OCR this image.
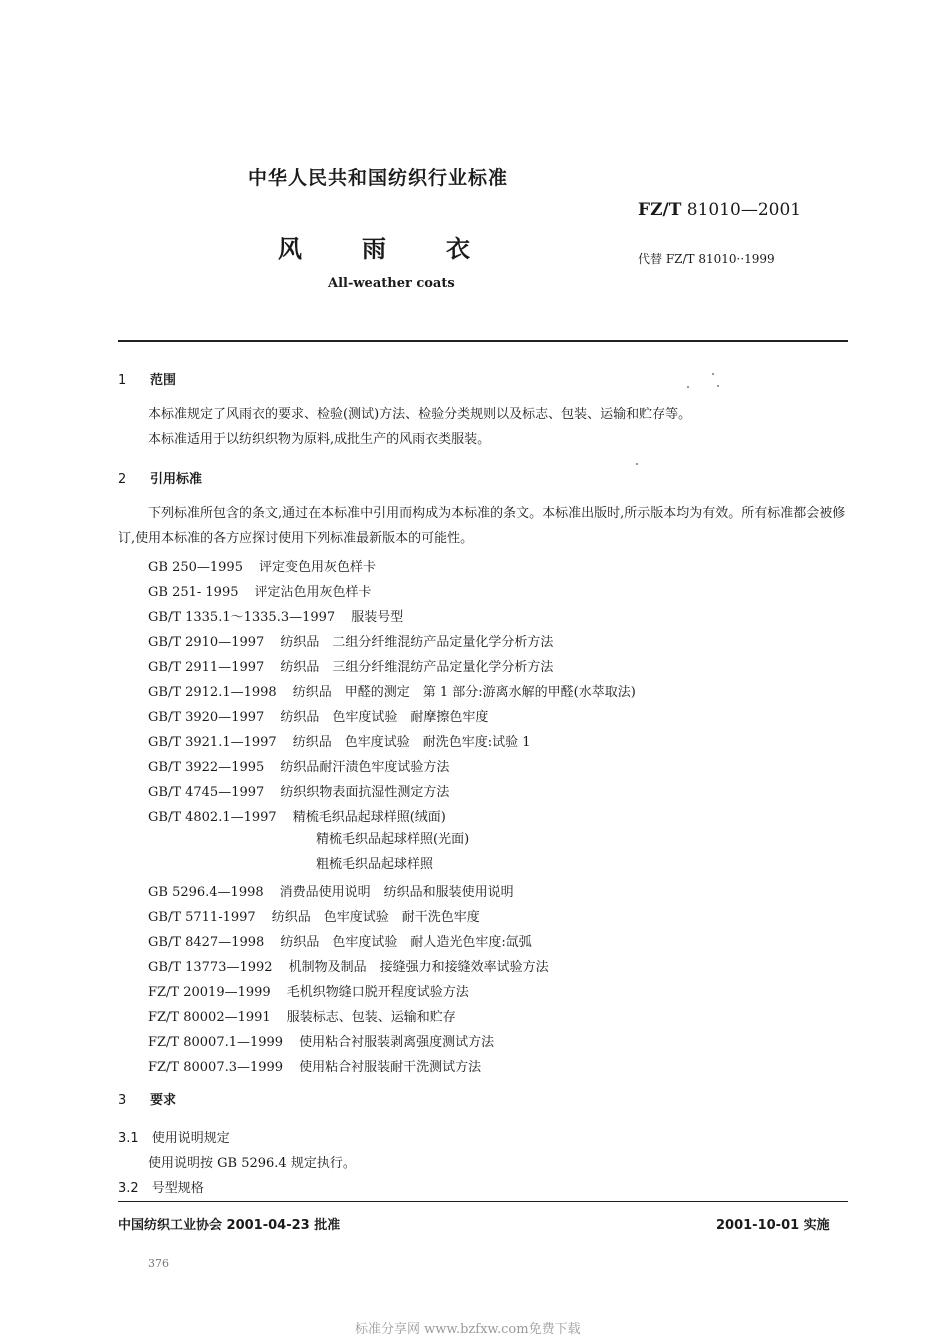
中华人民共和国纺织行业标准
FZ/T 81010—2001
风雨衣	代替 FZ/T 81010··1999
All-weather coats
1 范围
本标准规定了风雨衣的要求、检验(测试)方法、检验分类规则以及标志、包装、运输和贮存等。
本标准适用于以纺织织物为原料,成批生产的风雨衣类服装。
2 引用标准
下列标准所包含的条文,通过在本标准中引用而构成为本标准的条文。本标准出版时,所示版本均为有效。所有标准都会被修订,使用本标准的各方应探讨使用下列标准最新版本的可能性。
GB 250—1995　 评定变色用灰色样卡
GB 251- 1995　 评定沾色用灰色样卡
GB/T 1335.1～1335.3—1997　 服装号型
GB/T 2910—1997　 纺织品　二组分纤维混纺产品定量化学分析方法
GB/T 2911—1997　 纺织品　三组分纤维混纺产品定量化学分析方法
GB/T 2912.1—1998　 纺织品　甲醛的测定　第 1 部分:游离水解的甲醛(水萃取法)
GB/T 3920—1997　 纺织品　色牢度试验　耐摩擦色牢度
GB/T 3921.1—1997　 纺织品　色牢度试验　耐洗色牢度:试验 1
GB/T 3922—1995　 纺织品耐汗渍色牢度试验方法
GB/T 4745—1997　 纺织织物表面抗湿性测定方法
GB/T 4802.1—1997　 精梳毛织品起球样照(绒面)
精梳毛织品起球样照(光面)
粗梳毛织品起球样照
GB 5296.4—1998　 消费品使用说明　纺织品和服装使用说明
GB/T 5711-1997　 纺织品　色牢度试验　耐干洗色牢度
GB/T 8427—1998　 纺织品　色牢度试验　耐人造光色牢度:氙弧
GB/T 13773—1992　 机制物及制品　接缝强力和接缝效率试验方法
FZ/T 20019—1999　 毛机织物缝口脱开程度试验方法
FZ/T 80002—1991　 服装标志、包装、运输和贮存
FZ/T 80007.1—1999　 使用粘合衬服装剥离强度测试方法
FZ/T 80007.3—1999　 使用粘合衬服装耐干洗测试方法
3 要求
3.1　 使用说明规定
使用说明按 GB 5296.4 规定执行。
3.2　 号型规格
中国纺织工业协会 2001-04-23 批准	2001-10-01 实施
376
标准分享网 www.bzfxw.com免费下载
